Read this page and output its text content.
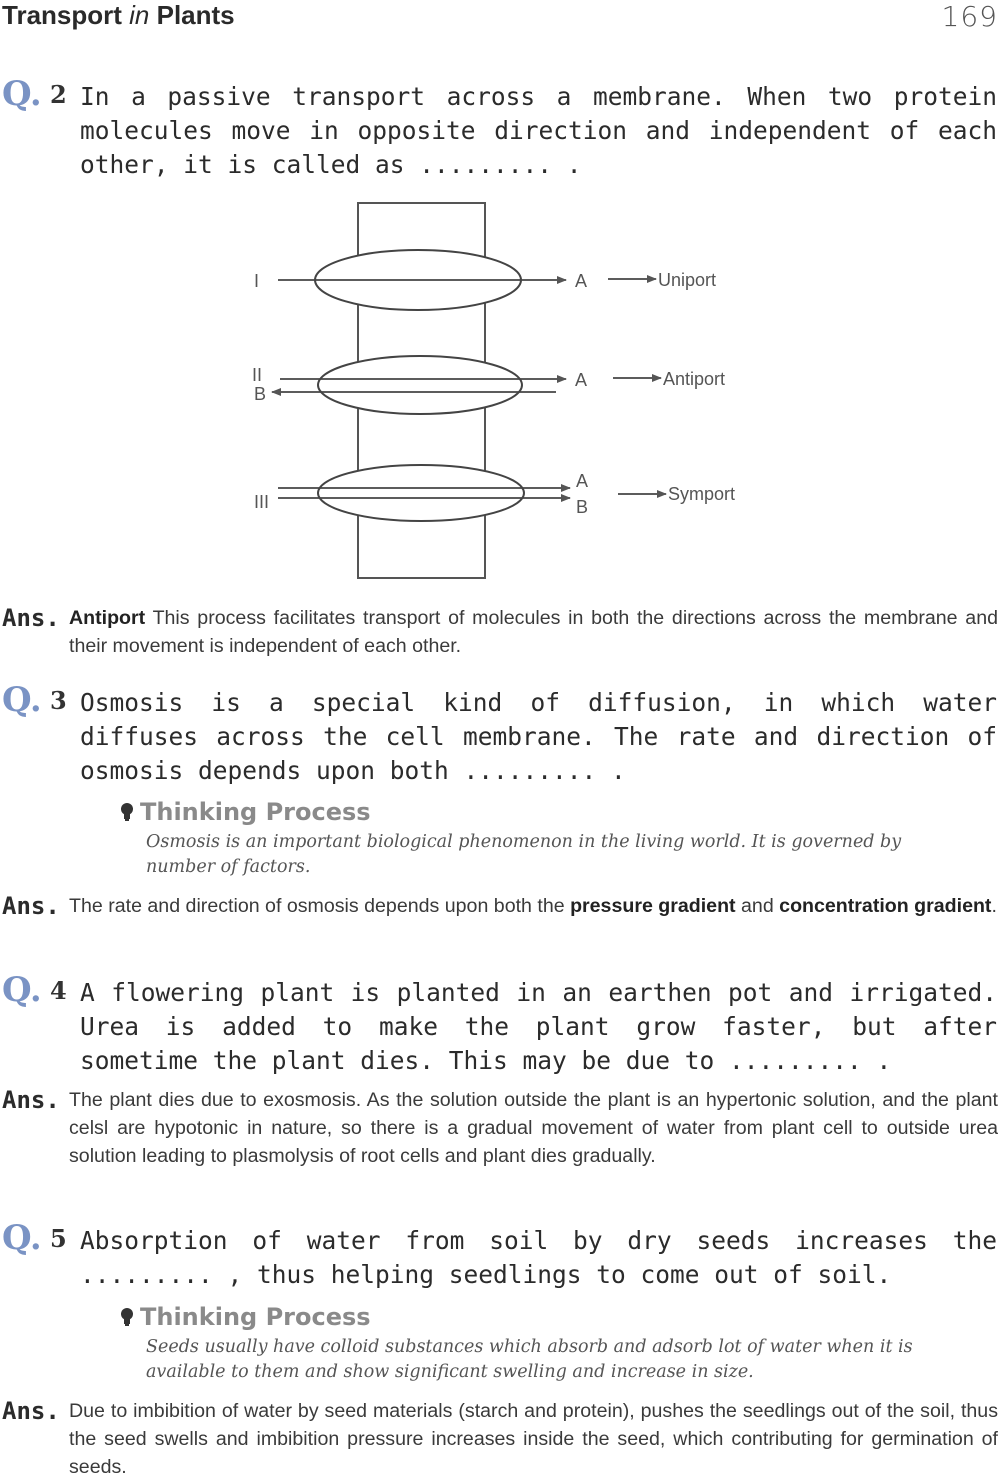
Transport in Plants	169
Q. 2 In a passive transport across a membrane. When two protein molecules move in opposite direction and independent of each other, it is called as ......... .
I	A	Uniport
II
B
A	Antiport
III
A
B
Symport
Ans. Antiport This process facilitates transport of molecules in both the directions across the membrane and their movement is independent of each other.
Q. 3 Osmosis is a special kind of diffusion, in which water diffuses across the cell membrane. The rate and direction of osmosis depends upon both ......... .
Thinking Process
Osmosis is an important biological phenomenon in the living world. It is governed by number of factors.
Ans. The rate and direction of osmosis depends upon both the pressure gradient and concentration gradient.
Q. 4 A flowering plant is planted in an earthen pot and irrigated. Urea is added to make the plant grow faster, but after sometime the plant dies. This may be due to ......... .
Ans. The plant dies due to exosmosis. As the solution outside the plant is an hypertonic solution, and the plant celsl are hypotonic in nature, so there is a gradual movement of water from plant cell to outside urea solution leading to plasmolysis of root cells and plant dies gradually.
Q. 5 Absorption of water from soil by dry seeds increases the ......... , thus helping seedlings to come out of soil.
Thinking Process
Seeds usually have colloid substances which absorb and adsorb lot of water when it is available to them and show significant swelling and increase in size.
Ans. Due to imbibition of water by seed materials (starch and protein), pushes the seedlings out of the soil, thus the seed swells and imbibition pressure increases inside the seed, which contributing for germination of seeds.
